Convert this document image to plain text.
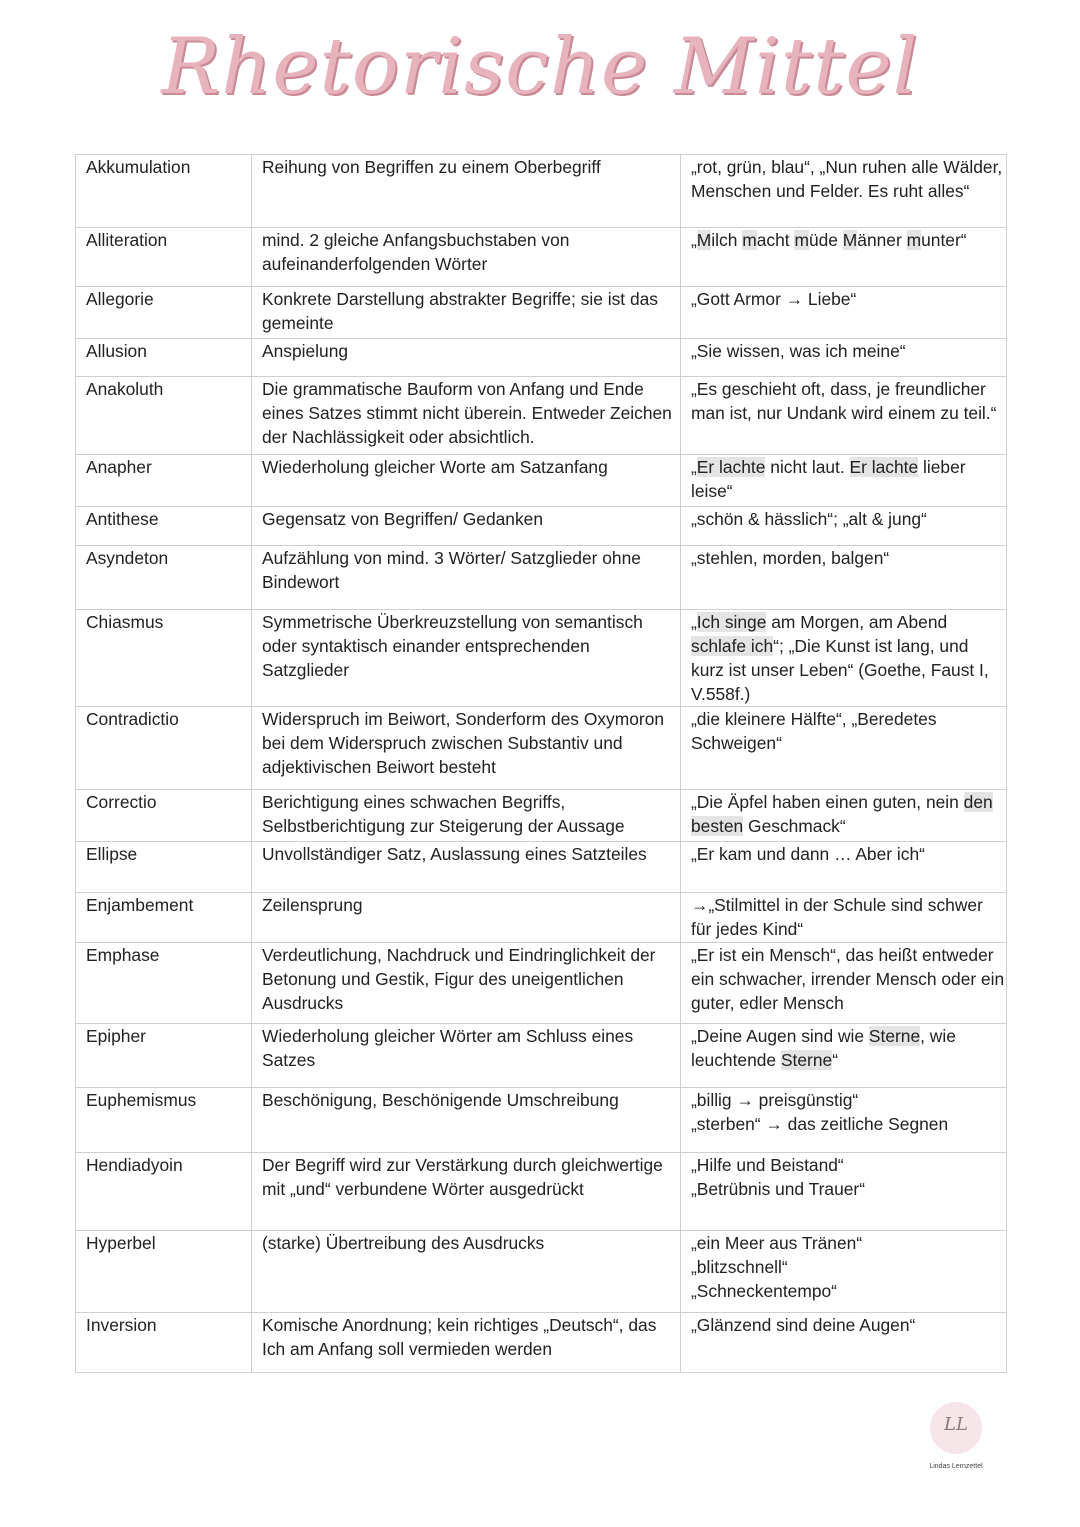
Rhetorische Mittel
Akkumulation	Reihung von Begriffen zu einem Oberbegriff	„rot, grün, blau“, „Nun ruhen alle Wälder, Menschen und Felder. Es ruht alles“
Alliteration	mind. 2 gleiche Anfangsbuchstaben von aufeinanderfolgenden Wörter	„Milch macht müde Männer munter“
Allegorie	Konkrete Darstellung abstrakter Begriffe; sie ist das gemeinte	„Gott Armor → Liebe“
Allusion	Anspielung	„Sie wissen, was ich meine“
Anakoluth	Die grammatische Bauform von Anfang und Ende eines Satzes stimmt nicht überein. Entweder Zeichen der Nachlässigkeit oder absichtlich.	„Es geschieht oft, dass, je freundlicher man ist, nur Undank wird einem zu teil.“
Anapher	Wiederholung gleicher Worte am Satzanfang	„Er lachte nicht laut. Er lachte lieber leise“
Antithese	Gegensatz von Begriffen/ Gedanken	„schön & hässlich“; „alt & jung“
Asyndeton	Aufzählung von mind. 3 Wörter/ Satzglieder ohne Bindewort	„stehlen, morden, balgen“
Chiasmus	Symmetrische Überkreuzstellung von semantisch oder syntaktisch einander entsprechenden Satzglieder	„Ich singe am Morgen, am Abend schlafe ich“; „Die Kunst ist lang, und kurz ist unser Leben“ (Goethe, Faust I, V.558f.)
Contradictio	Widerspruch im Beiwort, Sonderform des Oxymoron bei dem Widerspruch zwischen Substantiv und adjektivischen Beiwort besteht	„die kleinere Hälfte“, „Beredetes Schweigen“
Correctio	Berichtigung eines schwachen Begriffs, Selbstberichtigung zur Steigerung der Aussage	„Die Äpfel haben einen guten, nein den besten Geschmack“
Ellipse	Unvollständiger Satz, Auslassung eines Satzteiles	„Er kam und dann … Aber ich“
Enjambement	Zeilensprung	→„Stilmittel in der Schule sind schwer für jedes Kind“
Emphase	Verdeutlichung, Nachdruck und Eindringlichkeit der Betonung und Gestik, Figur des uneigentlichen Ausdrucks	„Er ist ein Mensch“, das heißt entweder ein schwacher, irrender Mensch oder ein guter, edler Mensch
Epipher	Wiederholung gleicher Wörter am Schluss eines Satzes	„Deine Augen sind wie Sterne, wie leuchtende Sterne“
Euphemismus	Beschönigung, Beschönigende Umschreibung	„billig → preisgünstig“
„sterben“ → das zeitliche Segnen
Hendiadyoin	Der Begriff wird zur Verstärkung durch gleichwertige mit „und“ verbundene Wörter ausgedrückt	„Hilfe und Beistand“
„Betrübnis und Trauer“
Hyperbel	(starke) Übertreibung des Ausdrucks	„ein Meer aus Tränen“
„blitzschnell“
„Schneckentempo“
Inversion	Komische Anordnung; kein richtiges „Deutsch“, das Ich am Anfang soll vermieden werden	„Glänzend sind deine Augen“
LL
Lindas Lernzettel
